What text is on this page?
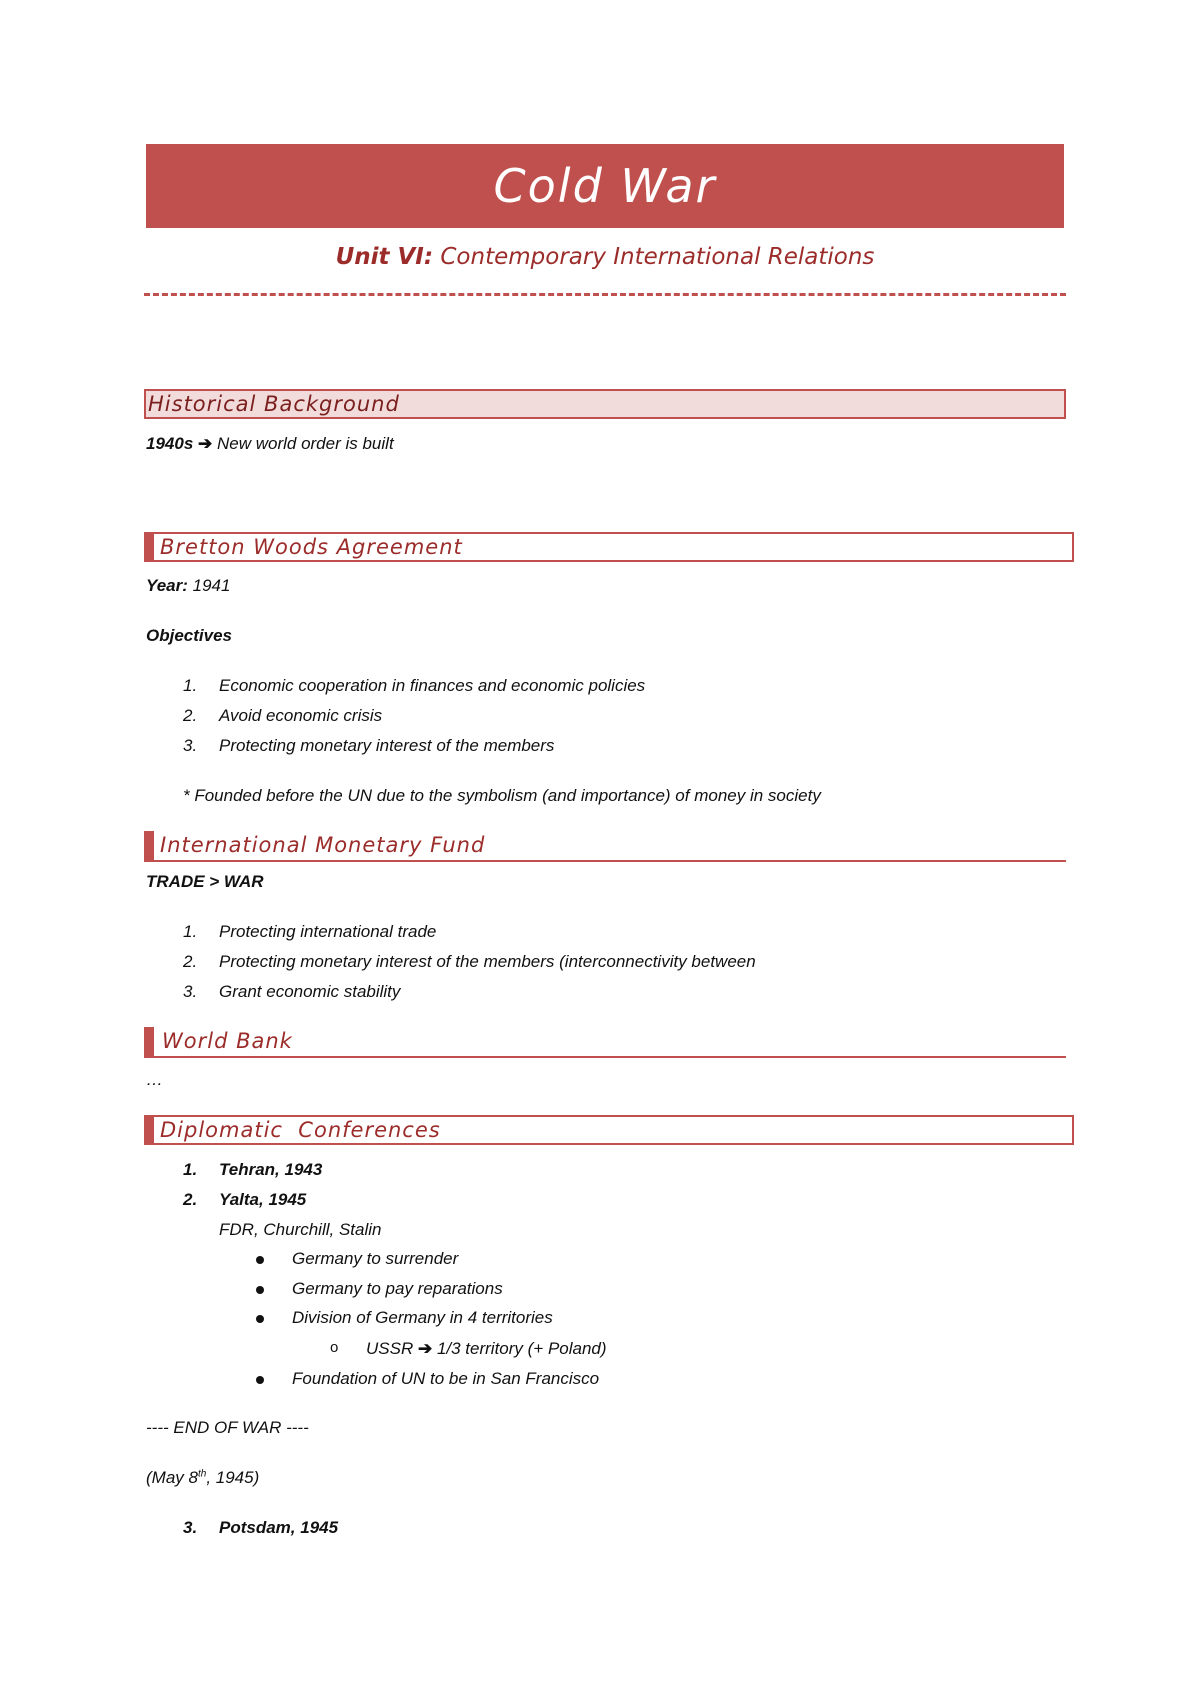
Cold War
Unit VI: Contemporary International Relations
Historical Background
1940s ➔ New world order is built
Bretton Woods Agreement
Year: 1941
Objectives
1. Economic cooperation in finances and economic policies
2. Avoid economic crisis
3. Protecting monetary interest of the members
* Founded before the UN due to the symbolism (and importance) of money in society
International Monetary Fund
TRADE > WAR
1. Protecting international trade
2. Protecting monetary interest of the members (interconnectivity between
3. Grant economic stability
World Bank
…
Diplomatic  Conferences
1. Tehran, 1943
2. Yalta, 1945
FDR, Churchill, Stalin
Germany to surrender
Germany to pay reparations
Division of Germany in 4 territories
o USSR ➔ 1/3 territory (+ Poland)
Foundation of UN to be in San Francisco
---- END OF WAR ----
(May 8th, 1945)
3. Potsdam, 1945
